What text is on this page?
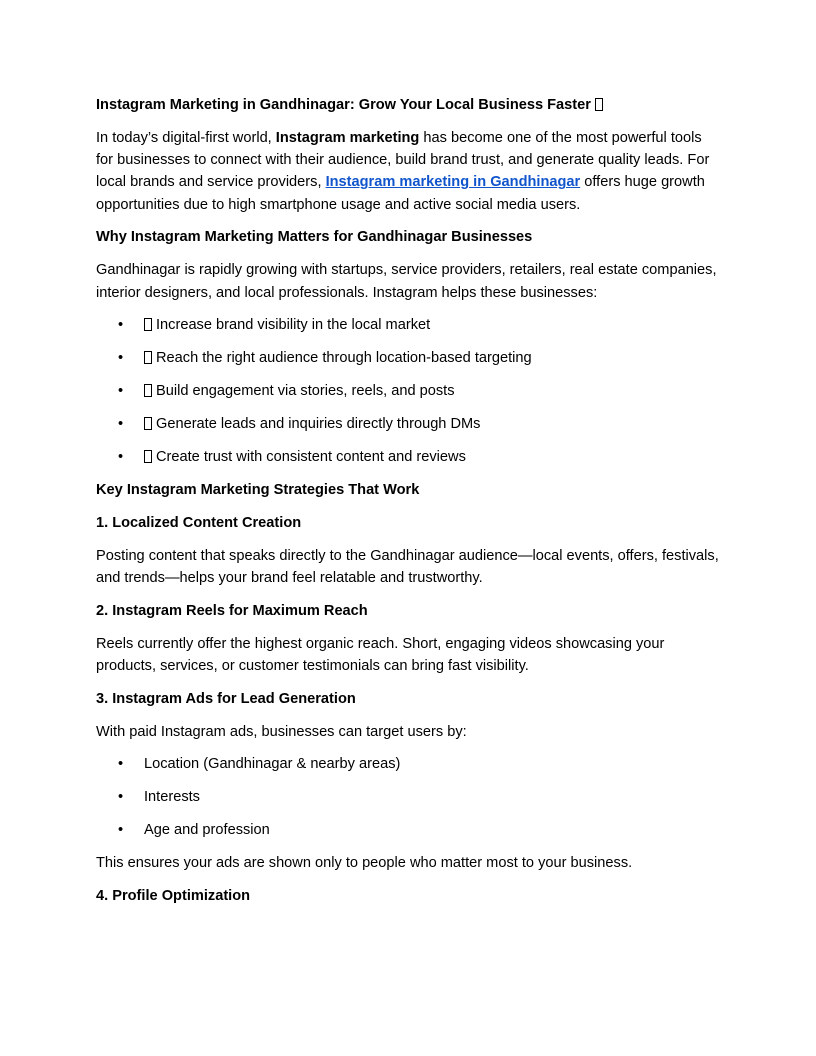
Instagram Marketing in Gandhinagar: Grow Your Local Business Faster

In today’s digital-first world, Instagram marketing has become one of the most powerful tools for businesses to connect with their audience, build brand trust, and generate quality leads. For local brands and service providers, Instagram marketing in Gandhinagar offers huge growth opportunities due to high smartphone usage and active social media users.

Why Instagram Marketing Matters for Gandhinagar Businesses

Gandhinagar is rapidly growing with startups, service providers, retailers, real estate companies, interior designers, and local professionals. Instagram helps these businesses:

• Increase brand visibility in the local market
• Reach the right audience through location-based targeting
• Build engagement via stories, reels, and posts
• Generate leads and inquiries directly through DMs
• Create trust with consistent content and reviews

Key Instagram Marketing Strategies That Work

1. Localized Content Creation

Posting content that speaks directly to the Gandhinagar audience—local events, offers, festivals, and trends—helps your brand feel relatable and trustworthy.

2. Instagram Reels for Maximum Reach

Reels currently offer the highest organic reach. Short, engaging videos showcasing your products, services, or customer testimonials can bring fast visibility.

3. Instagram Ads for Lead Generation

With paid Instagram ads, businesses can target users by:

• Location (Gandhinagar & nearby areas)
• Interests
• Age and profession

This ensures your ads are shown only to people who matter most to your business.

4. Profile Optimization
